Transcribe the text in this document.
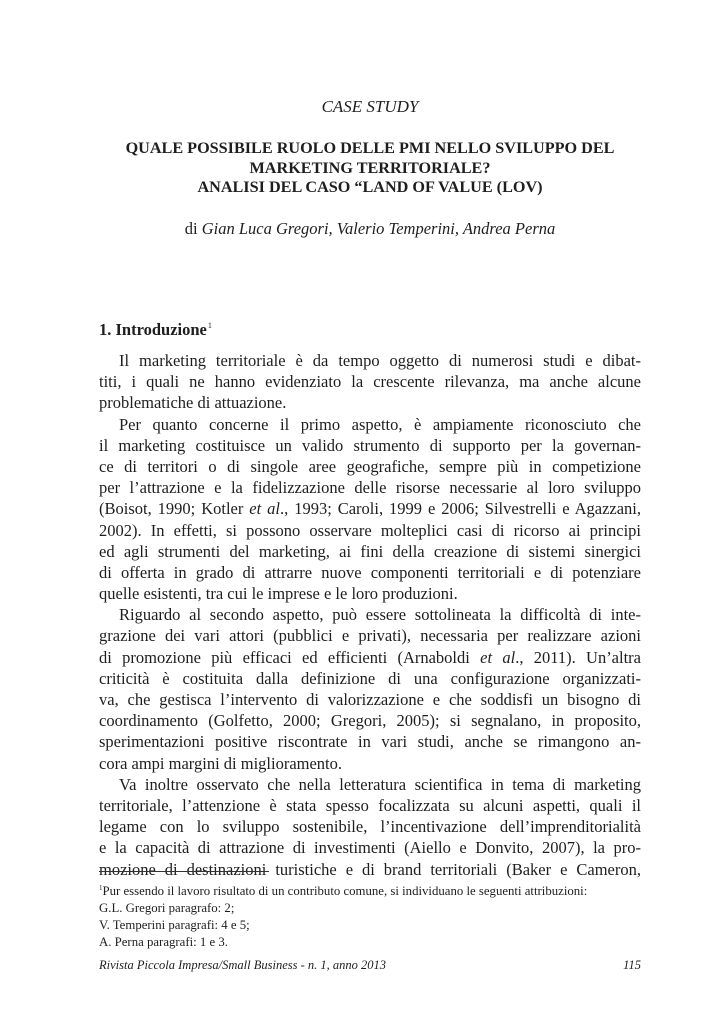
CASE STUDY
QUALE POSSIBILE RUOLO DELLE PMI NELLO SVILUPPO DEL
MARKETING TERRITORIALE?
ANALISI DEL CASO “LAND OF VALUE (LOV)
di Gian Luca Gregori, Valerio Temperini, Andrea Perna
1. Introduzione$^1$
Il marketing territoriale è da tempo oggetto di numerosi studi e dibat-
titi, i quali ne hanno evidenziato la crescente rilevanza, ma anche alcune
problematiche di attuazione.
Per quanto concerne il primo aspetto, è ampiamente riconosciuto che
il marketing costituisce un valido strumento di supporto per la governan-
ce di territori o di singole aree geografiche, sempre più in competizione
per l’attrazione e la fidelizzazione delle risorse necessarie al loro sviluppo
(Boisot, 1990; Kotler et al., 1993; Caroli, 1999 e 2006; Silvestrelli e Agazzani,
2002). In effetti, si possono osservare molteplici casi di ricorso ai principi
ed agli strumenti del marketing, ai fini della creazione di sistemi sinergici
di offerta in grado di attrarre nuove componenti territoriali e di potenziare
quelle esistenti, tra cui le imprese e le loro produzioni.
Riguardo al secondo aspetto, può essere sottolineata la difficoltà di inte-
grazione dei vari attori (pubblici e privati), necessaria per realizzare azioni
di promozione più efficaci ed efficienti (Arnaboldi et al., 2011). Un’altra
criticità è costituita dalla definizione di una configurazione organizzati-
va, che gestisca l’intervento di valorizzazione e che soddisfi un bisogno di
coordinamento (Golfetto, 2000; Gregori, 2005); si segnalano, in proposito,
sperimentazioni positive riscontrate in vari studi, anche se rimangono an-
cora ampi margini di miglioramento.
Va inoltre osservato che nella letteratura scientifica in tema di marketing
territoriale, l’attenzione è stata spesso focalizzata su alcuni aspetti, quali il
legame con lo sviluppo sostenibile, l’incentivazione dell’imprenditorialità
e la capacità di attrazione di investimenti (Aiello e Donvito, 2007), la pro-
mozione di destinazioni turistiche e di brand territoriali (Baker e Cameron,
$^1$Pur essendo il lavoro risultato di un contributo comune, si individuano le seguenti attribuzioni:
G.L. Gregori paragrafo: 2;
V. Temperini paragrafi: 4 e 5;
A. Perna paragrafi: 1 e 3.
Rivista Piccola Impresa/Small Business - n. 1, anno 2013	115
